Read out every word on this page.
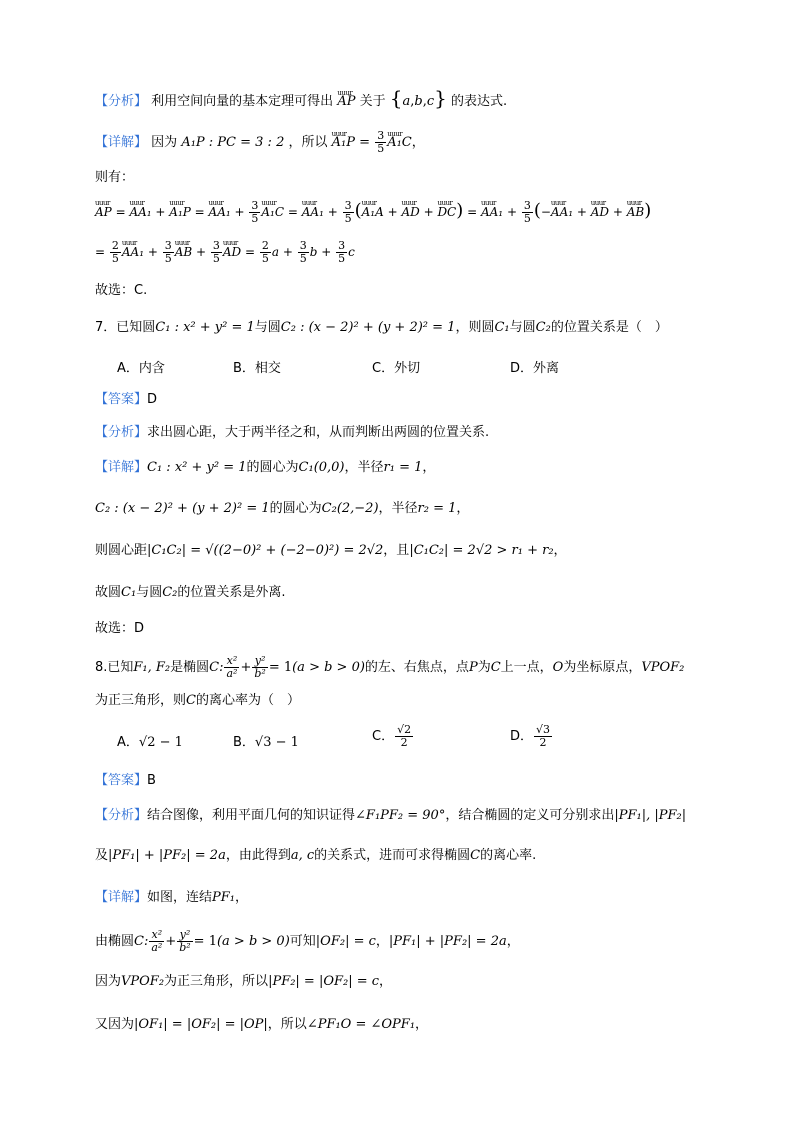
【分析】 利用空间向量的基本定理可得出 uuur AP 关于 {a,b,c} 的表达式.
【详解】 因为 A₁P : PC = 3 : 2 ，所以 uuur $A_1P = \frac{3}{5}$ uuur A₁C，
则有：
uuur AP = uuur AA₁ + uuur A₁P = uuur $AA_1 + \frac{3}{5}$ uuur A₁C = uuur $AA_1 + \frac{3}{5}$ (uuur A₁A + uuur AD + uuur DC) = uuur $AA_1 + \frac{3}{5}$ (−uuur AA₁ + uuur AD + uuur AB)
= $\frac{2}{5}$ uuur $AA_1 + \frac{3}{5}$ uuur AB + $\frac{3}{5}$ uuur AD = $\frac{2}{5}$ $a + \frac{3}{5}$ $b + \frac{3}{5}$ c
故选：C.
7．已知圆C₁ : x² + y² = 1与圆C₂ : (x − 2)² + (y + 2)² = 1，则圆C₁与圆C₂的位置关系是（　）
A．内含	B．相交	C．外切	D．外离
【答案】D
【分析】求出圆心距，大于两半径之和，从而判断出两圆的位置关系.
【详解】C₁ : x² + y² = 1的圆心为C₁(0,0)，半径r₁ = 1，
C₂ : (x − 2)² + (y + 2)² = 1的圆心为C₂(2,−2)，半径r₂ = 1，
则圆心距|C₁C₂| = √((2−0)² + (−2−0)²) = 2√2，且|C₁C₂| = 2√2 > r₁ + r₂，
故圆C₁与圆C₂的位置关系是外离.
故选：D
8.已知F₁, F₂是椭圆C: $\frac{\text{x²}}{\text{a²}} + \frac{\text{y²}}{\text{b²}} = 1(a > b > 0)$的左、右焦点，点P为C上一点，O为坐标原点，VPOF₂
为正三角形，则C的离心率为（　）
A．√2 − 1	B．√3 − 1	C． $\frac{√2}{2}$	D． $\frac{√3}{2}$
【答案】B
【分析】结合图像，利用平面几何的知识证得∠F₁PF₂ = 90°，结合椭圆的定义可分别求出|PF₁|, |PF₂|
及|PF₁| + |PF₂| = 2a，由此得到a, c的关系式，进而可求得椭圆C的离心率.
【详解】如图，连结PF₁，
由椭圆C: $\frac{\text{x²}}{\text{a²}} + \frac{\text{y²}}{\text{b²}} = 1(a > b > 0)$可知|OF₂| = c，|PF₁| + |PF₂| = 2a，
因为VPOF₂为正三角形，所以|PF₂| = |OF₂| = c，
又因为|OF₁| = |OF₂| = |OP|，所以∠PF₁O = ∠OPF₁，
